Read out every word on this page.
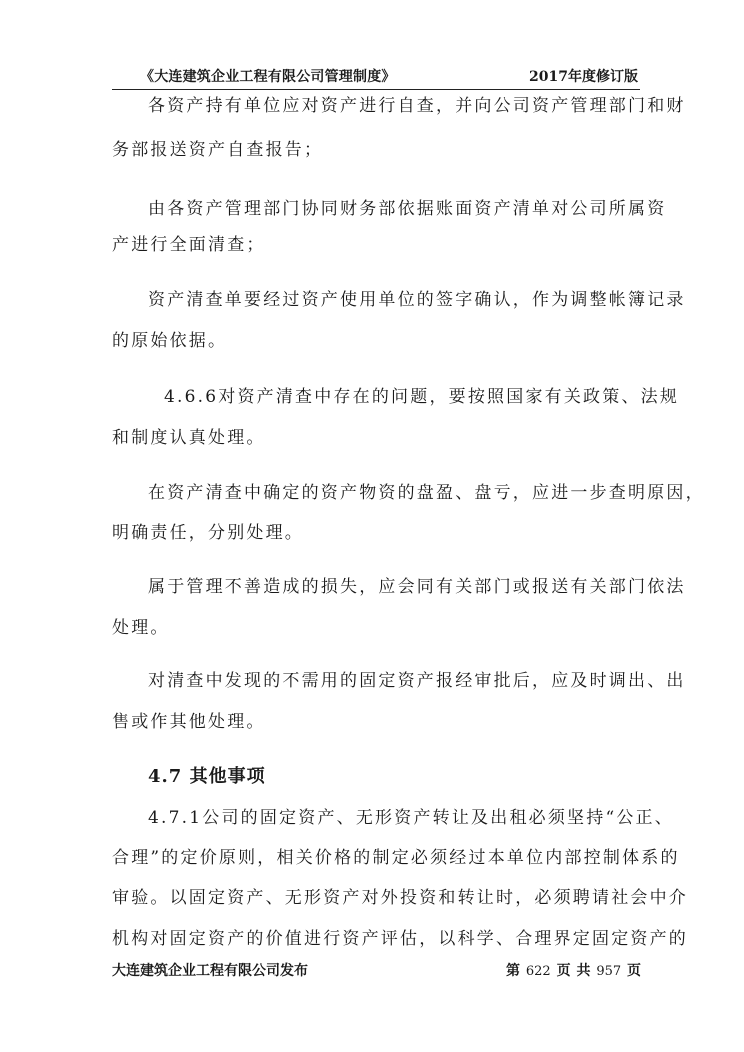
《大连建筑企业工程有限公司管理制度》	2017年度修订版
各资产持有单位应对资产进行自查，并向公司资产管理部门和财
务部报送资产自查报告；
由各资产管理部门协同财务部依据账面资产清单对公司所属资
产进行全面清查；
资产清查单要经过资产使用单位的签字确认，作为调整帐簿记录
的原始依据。
4.6.6对资产清查中存在的问题，要按照国家有关政策、法规
和制度认真处理。
在资产清查中确定的资产物资的盘盈、盘亏，应进一步查明原因，
明确责任，分别处理。
属于管理不善造成的损失，应会同有关部门或报送有关部门依法
处理。
对清查中发现的不需用的固定资产报经审批后，应及时调出、出
售或作其他处理。
4.7 其他事项
4.7.1公司的固定资产、无形资产转让及出租必须坚持“公正、
合理”的定价原则，相关价格的制定必须经过本单位内部控制体系的
审验。以固定资产、无形资产对外投资和转让时，必须聘请社会中介
机构对固定资产的价值进行资产评估，以科学、合理界定固定资产的
大连建筑企业工程有限公司发布	第 622 页 共 957 页
